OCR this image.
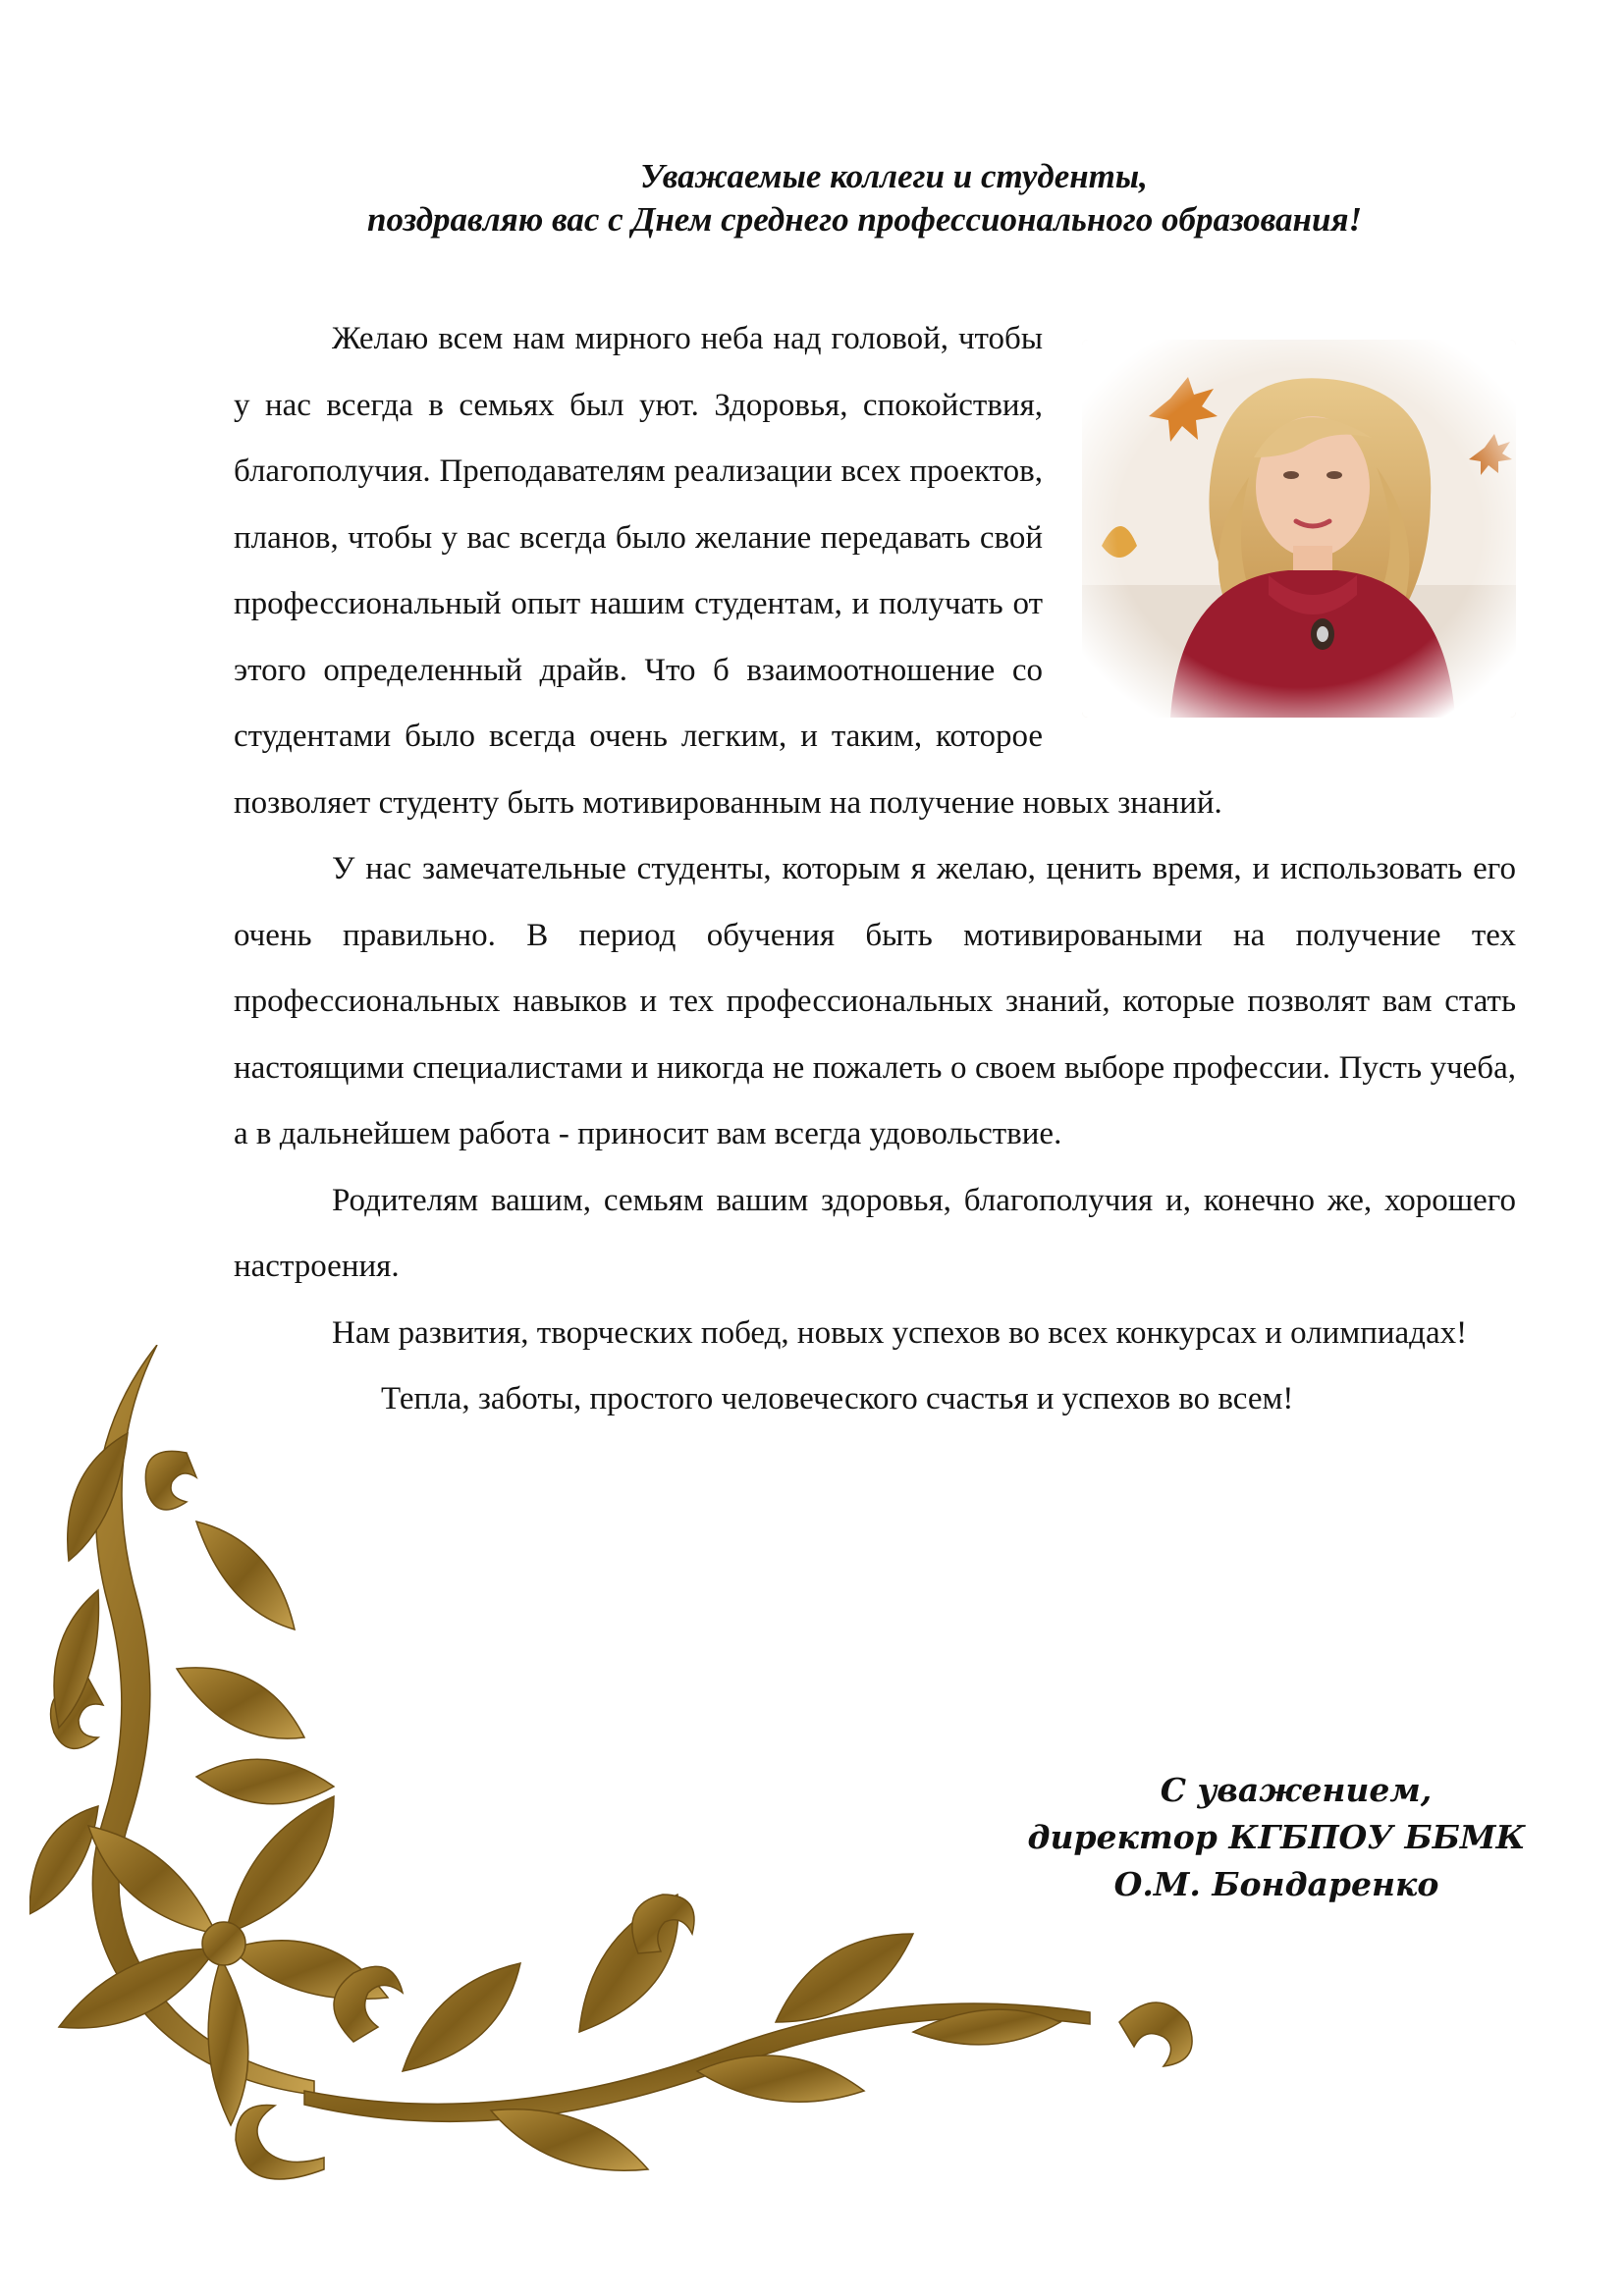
Уважаемые коллеги и студенты,
поздравляю вас с Днем среднего профессионального образования!

Желаю всем нам мирного неба над головой, чтобы у нас всегда в семьях был уют. Здоровья, спокойствия, благополучия. Преподавателям реализации всех проектов, планов, чтобы у вас всегда было желание передавать свой профессиональный опыт нашим студентам, и получать от этого определенный драйв. Что б взаимоотношение со студентами было всегда очень легким, и таким, которое позволяет студенту быть мотивированным на получение новых знаний.

У нас замечательные студенты, которым я желаю, ценить время, и использовать его очень правильно. В период обучения быть мотивироваными на получение тех профессиональных навыков и тех профессиональных знаний, которые позволят вам стать настоящими специалистами и никогда не пожалеть о своем выборе профессии. Пусть учеба, а в дальнейшем работа - приносит вам всегда удовольствие.

Родителям вашим, семьям вашим здоровья, благополучия и, конечно же, хорошего настроения.

Нам развития, творческих побед, новых успехов во всех конкурсах и олимпиадах!

Тепла, заботы, простого человеческого счастья и успехов во всем!

С уважением,
директор КГБПОУ ББМК
О.М. Бондаренко
